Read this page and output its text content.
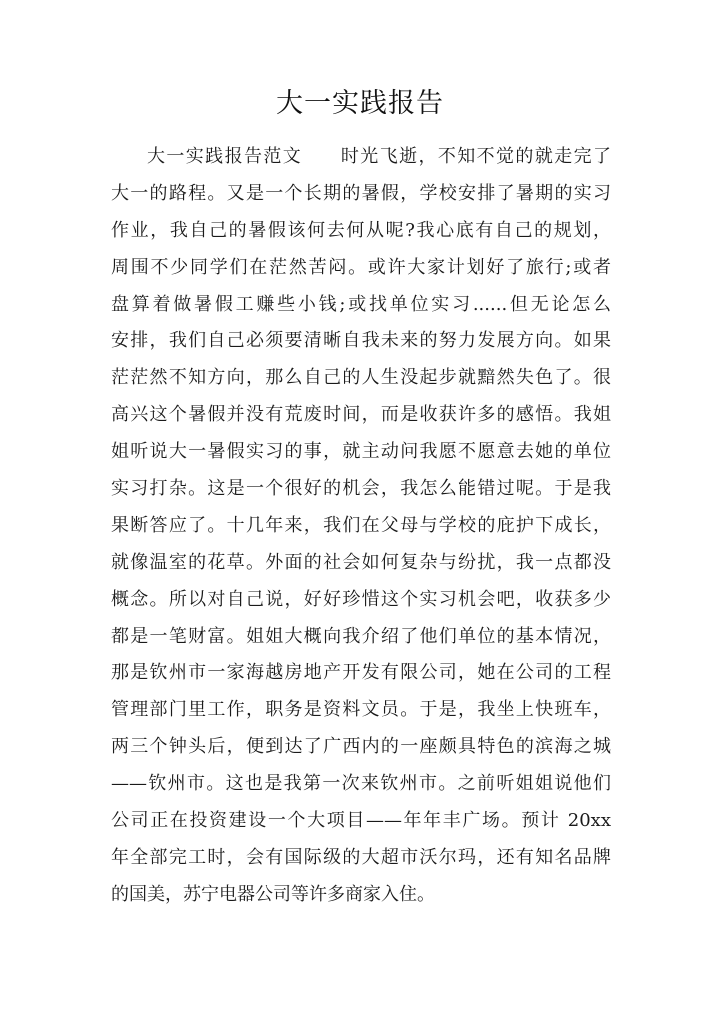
大一实践报告
大一实践报告范文　　时光飞逝，不知不觉的就走完了
大一的路程。又是一个长期的暑假，学校安排了暑期的实习
作业，我自己的暑假该何去何从呢?我心底有自己的规划，
周围不少同学们在茫然苦闷。或许大家计划好了旅行;或者
盘算着做暑假工赚些小钱;或找单位实习......但无论怎么
安排，我们自己必须要清晰自我未来的努力发展方向。如果
茫茫然不知方向，那么自己的人生没起步就黯然失色了。很
高兴这个暑假并没有荒废时间，而是收获许多的感悟。我姐
姐听说大一暑假实习的事，就主动问我愿不愿意去她的单位
实习打杂。这是一个很好的机会，我怎么能错过呢。于是我
果断答应了。十几年来，我们在父母与学校的庇护下成长，
就像温室的花草。外面的社会如何复杂与纷扰，我一点都没
概念。所以对自己说，好好珍惜这个实习机会吧，收获多少
都是一笔财富。姐姐大概向我介绍了他们单位的基本情况，
那是钦州市一家海越房地产开发有限公司，她在公司的工程
管理部门里工作，职务是资料文员。于是，我坐上快班车，
两三个钟头后，便到达了广西内的一座颇具特色的滨海之城
——钦州市。这也是我第一次来钦州市。之前听姐姐说他们
公司正在投资建设一个大项目——年年丰广场。预计 20xx
年全部完工时，会有国际级的大超市沃尔玛，还有知名品牌
的国美，苏宁电器公司等许多商家入住。
